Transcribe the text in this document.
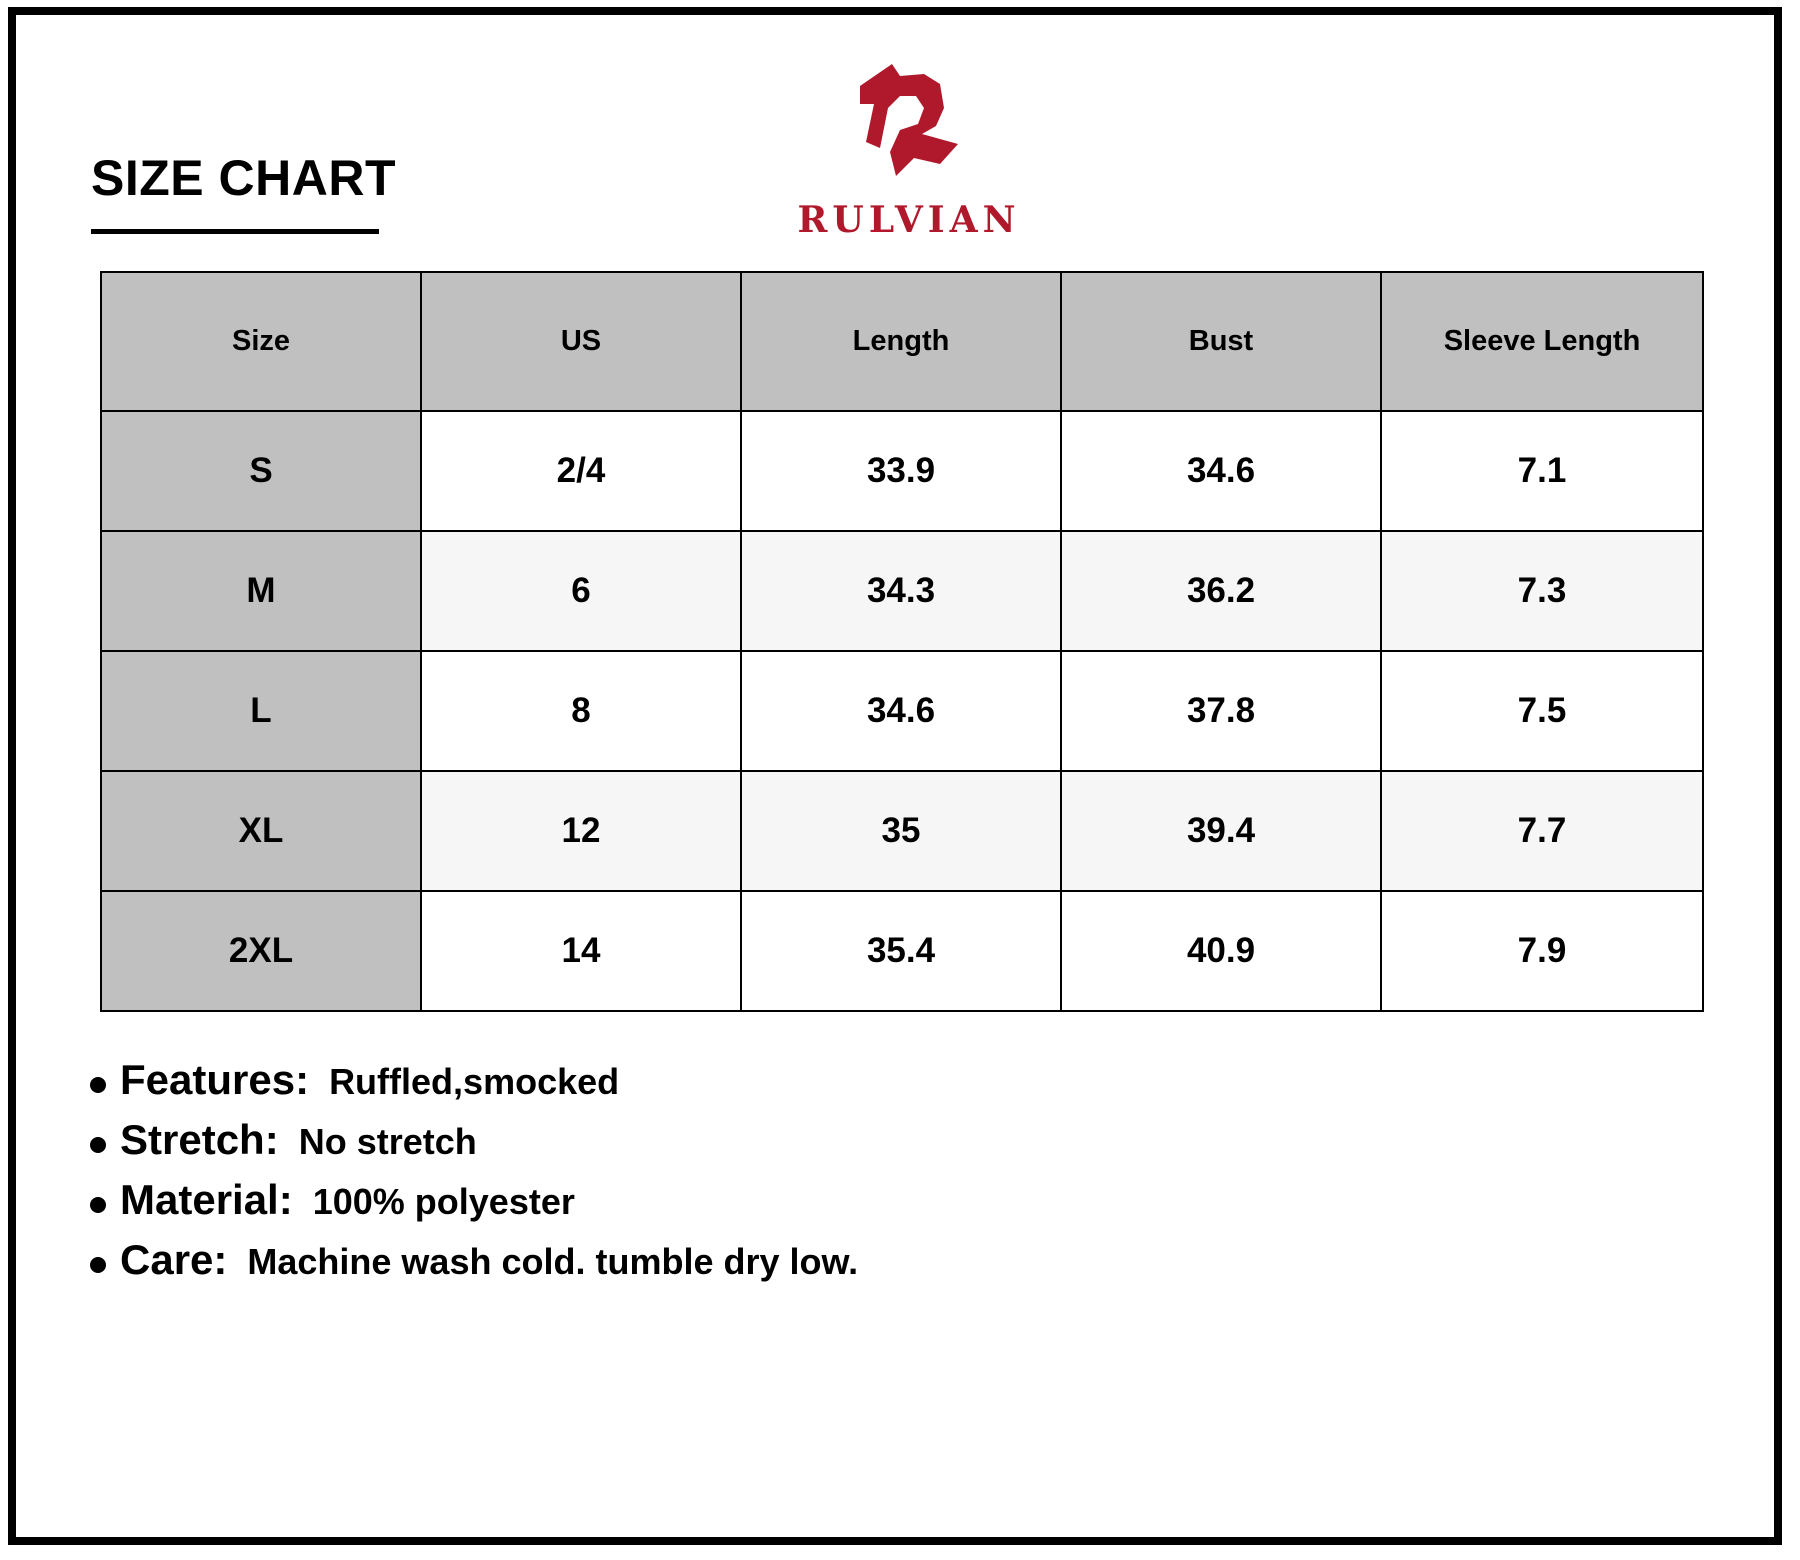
SIZE CHART
RULVIAN
Size	US	Length	Bust	Sleeve Length
S	2/4	33.9	34.6	7.1
M	6	34.3	36.2	7.3
L	8	34.6	37.8	7.5
XL	12	35	39.4	7.7
2XL	14	35.4	40.9	7.9
Features: Ruffled,smocked
Stretch: No stretch
Material: 100% polyester
Care: Machine wash cold. tumble dry low.
